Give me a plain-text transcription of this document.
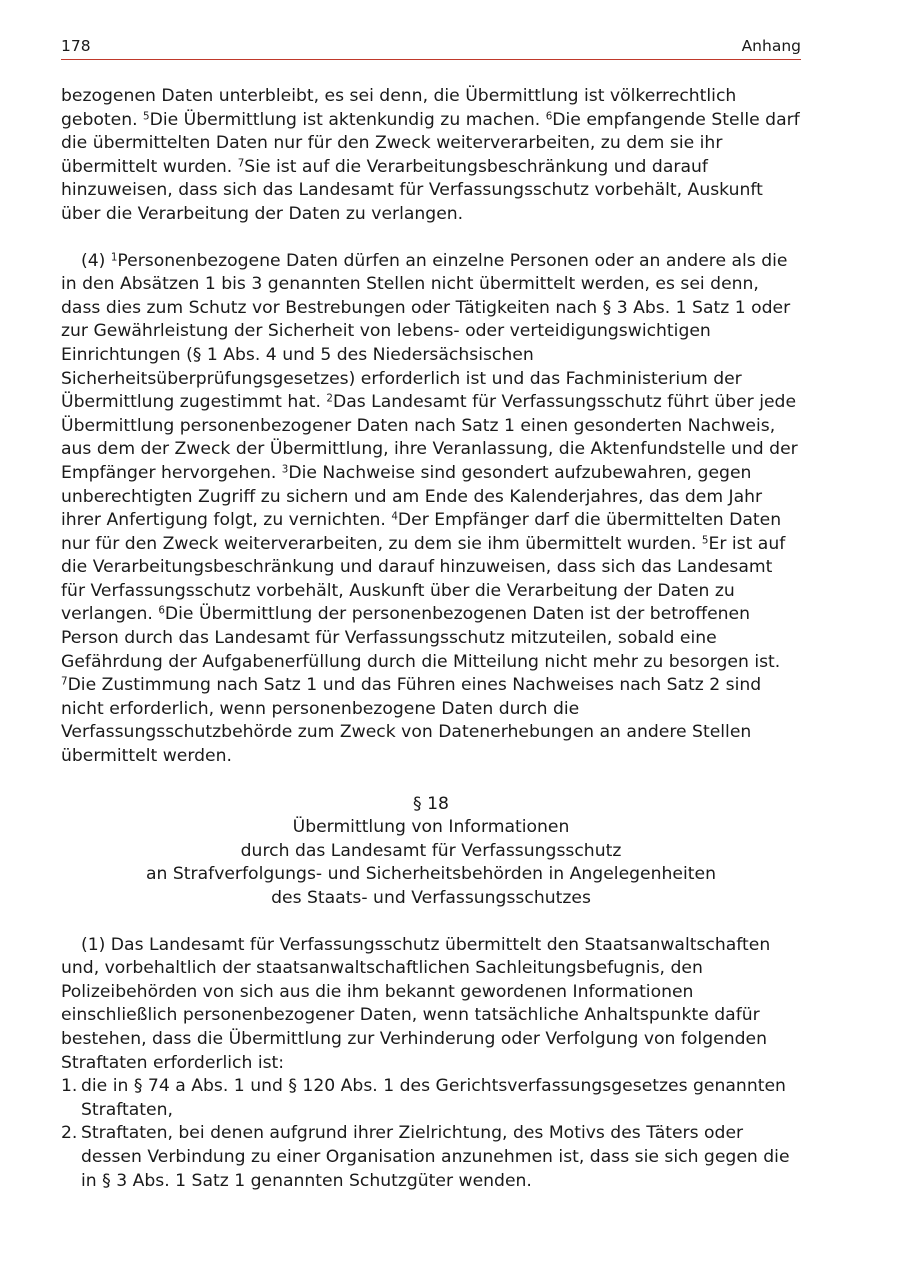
178	Anhang

bezogenen Daten unterbleibt, es sei denn, die Übermittlung ist völkerrechtlich geboten. $^5$Die Übermittlung ist aktenkundig zu machen. $^6$Die empfangende Stelle darf die übermittelten Daten nur für den Zweck weiterverarbeiten, zu dem sie ihr übermittelt wurden. $^7$Sie ist auf die Verarbeitungsbeschränkung und darauf hinzuweisen, dass sich das Landesamt für Verfassungsschutz vorbehält, Auskunft über die Verarbeitung der Daten zu verlangen.

(4) $^1$Personenbezogene Daten dürfen an einzelne Personen oder an andere als die in den Absätzen 1 bis 3 genannten Stellen nicht übermittelt werden, es sei denn, dass dies zum Schutz vor Bestrebungen oder Tätigkeiten nach § 3 Abs. 1 Satz 1 oder zur Gewährleistung der Sicherheit von lebens- oder verteidigungswichtigen Einrichtungen (§ 1 Abs. 4 und 5 des Niedersächsischen Sicherheitsüberprüfungsgesetzes) erforderlich ist und das Fachministerium der Übermittlung zugestimmt hat. $^2$Das Landesamt für Verfassungsschutz führt über jede Übermittlung personenbezogener Daten nach Satz 1 einen gesonderten Nachweis, aus dem der Zweck der Übermittlung, ihre Veranlassung, die Aktenfundstelle und der Empfänger hervorgehen. $^3$Die Nachweise sind gesondert aufzubewahren, gegen unberechtigten Zugriff zu sichern und am Ende des Kalenderjahres, das dem Jahr ihrer Anfertigung folgt, zu vernichten. $^4$Der Empfänger darf die übermittelten Daten nur für den Zweck weiterverarbeiten, zu dem sie ihm übermittelt wurden. $^5$Er ist auf die Verarbeitungsbeschränkung und darauf hinzuweisen, dass sich das Landesamt für Verfassungsschutz vorbehält, Auskunft über die Verarbeitung der Daten zu verlangen. $^6$Die Übermittlung der personenbezogenen Daten ist der betroffenen Person durch das Landesamt für Verfassungsschutz mitzuteilen, sobald eine Gefährdung der Aufgabenerfüllung durch die Mitteilung nicht mehr zu besorgen ist. $^7$Die Zustimmung nach Satz 1 und das Führen eines Nachweises nach Satz 2 sind nicht erforderlich, wenn personenbezogene Daten durch die Verfassungsschutzbehörde zum Zweck von Datenerhebungen an andere Stellen übermittelt werden.

§ 18
Übermittlung von Informationen
durch das Landesamt für Verfassungsschutz
an Strafverfolgungs- und Sicherheitsbehörden in Angelegenheiten
des Staats- und Verfassungsschutzes

(1) Das Landesamt für Verfassungsschutz übermittelt den Staatsanwaltschaften und, vorbehaltlich der staatsanwaltschaftlichen Sachleitungsbefugnis, den Polizeibehörden von sich aus die ihm bekannt gewordenen Informationen einschließlich personenbezogener Daten, wenn tatsächliche Anhaltspunkte dafür bestehen, dass die Übermittlung zur Verhinderung oder Verfolgung von folgenden Straftaten erforderlich ist:

1. die in § 74 a Abs. 1 und § 120 Abs. 1 des Gerichtsverfassungsgesetzes genannten Straftaten,
2. Straftaten, bei denen aufgrund ihrer Zielrichtung, des Motivs des Täters oder dessen Verbindung zu einer Organisation anzunehmen ist, dass sie sich gegen die in § 3 Abs. 1 Satz 1 genannten Schutzgüter wenden.
